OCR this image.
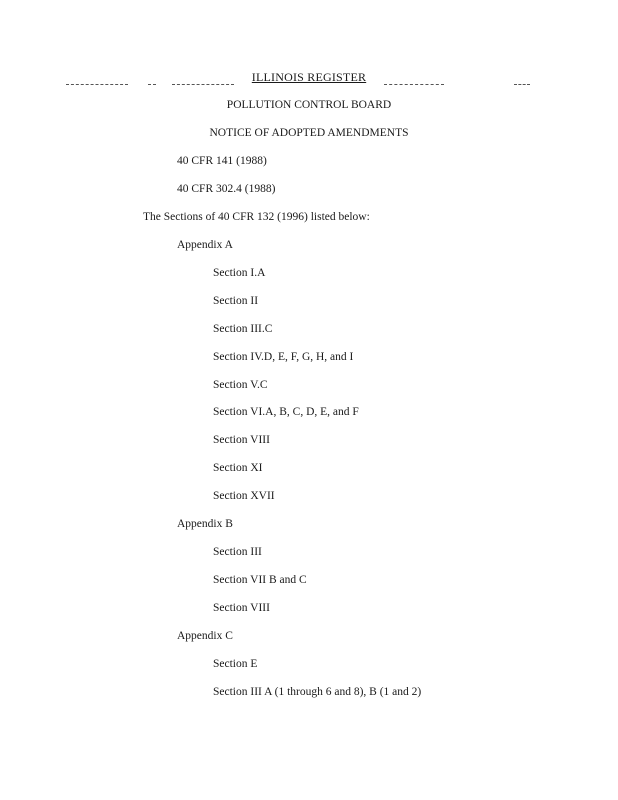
ILLINOIS REGISTER
POLLUTION CONTROL BOARD
NOTICE OF ADOPTED AMENDMENTS
40 CFR 141 (1988)
40 CFR 302.4 (1988)
The Sections of 40 CFR 132 (1996) listed below:
Appendix A
Section I.A
Section II
Section III.C
Section IV.D, E, F, G, H, and I
Section V.C
Section VI.A, B, C, D, E, and F
Section VIII
Section XI
Section XVII
Appendix B
Section III
Section VII B and C
Section VIII
Appendix C
Section E
Section III A (1 through 6 and 8), B (1 and 2)
